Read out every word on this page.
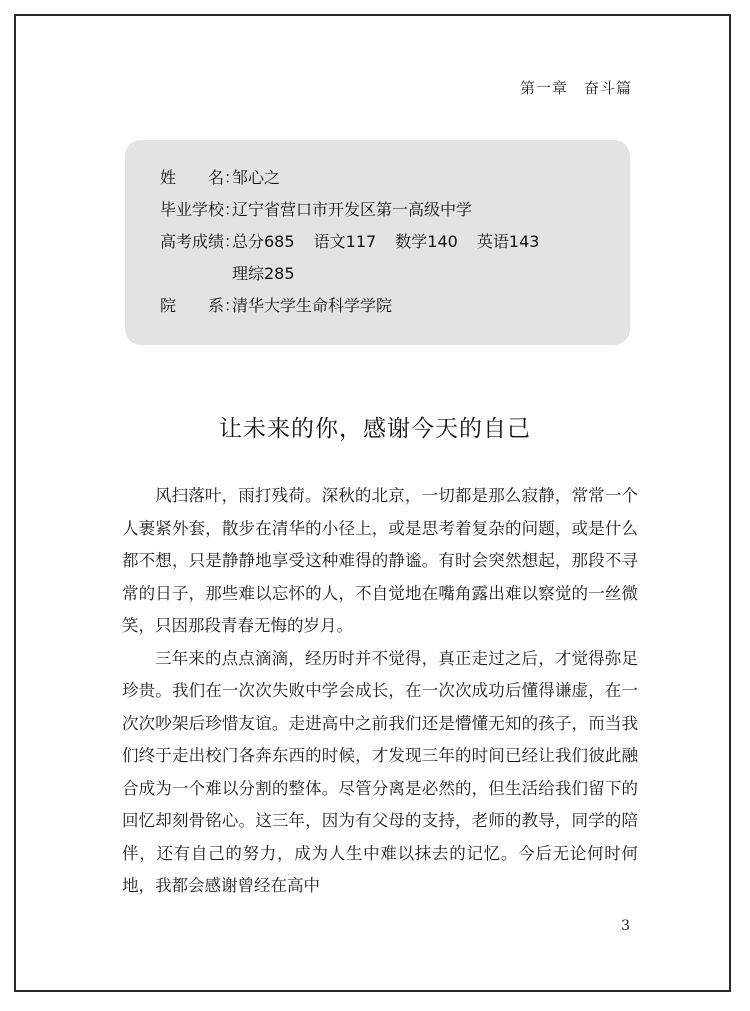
第一章　奋斗篇
姓　　名：
邹心之
毕业学校：
辽宁省营口市开发区第一高级中学
高考成绩：
总分685 语文117 数学140 英语143
理综285
院　　系：
清华大学生命科学学院
让未来的你，感谢今天的自己

风扫落叶，雨打残荷。深秋的北京，一切都是那么寂静，常常一个人裹紧外套，散步在清华的小径上，或是思考着复杂的问题，或是什么都不想，只是静静地享受这种难得的静谧。有时会突然想起，那段不寻常的日子，那些难以忘怀的人，不自觉地在嘴角露出难以察觉的一丝微笑，只因那段青春无悔的岁月。

三年来的点点滴滴，经历时并不觉得，真正走过之后，才觉得弥足珍贵。我们在一次次失败中学会成长，在一次次成功后懂得谦虚，在一次次吵架后珍惜友谊。走进高中之前我们还是懵懂无知的孩子，而当我们终于走出校门各奔东西的时候，才发现三年的时间已经让我们彼此融合成为一个难以分割的整体。尽管分离是必然的，但生活给我们留下的回忆却刻骨铭心。这三年，因为有父母的支持，老师的教导，同学的陪伴，还有自己的努力，成为人生中难以抹去的记忆。今后无论何时何地，我都会感谢曾经在高中

3
